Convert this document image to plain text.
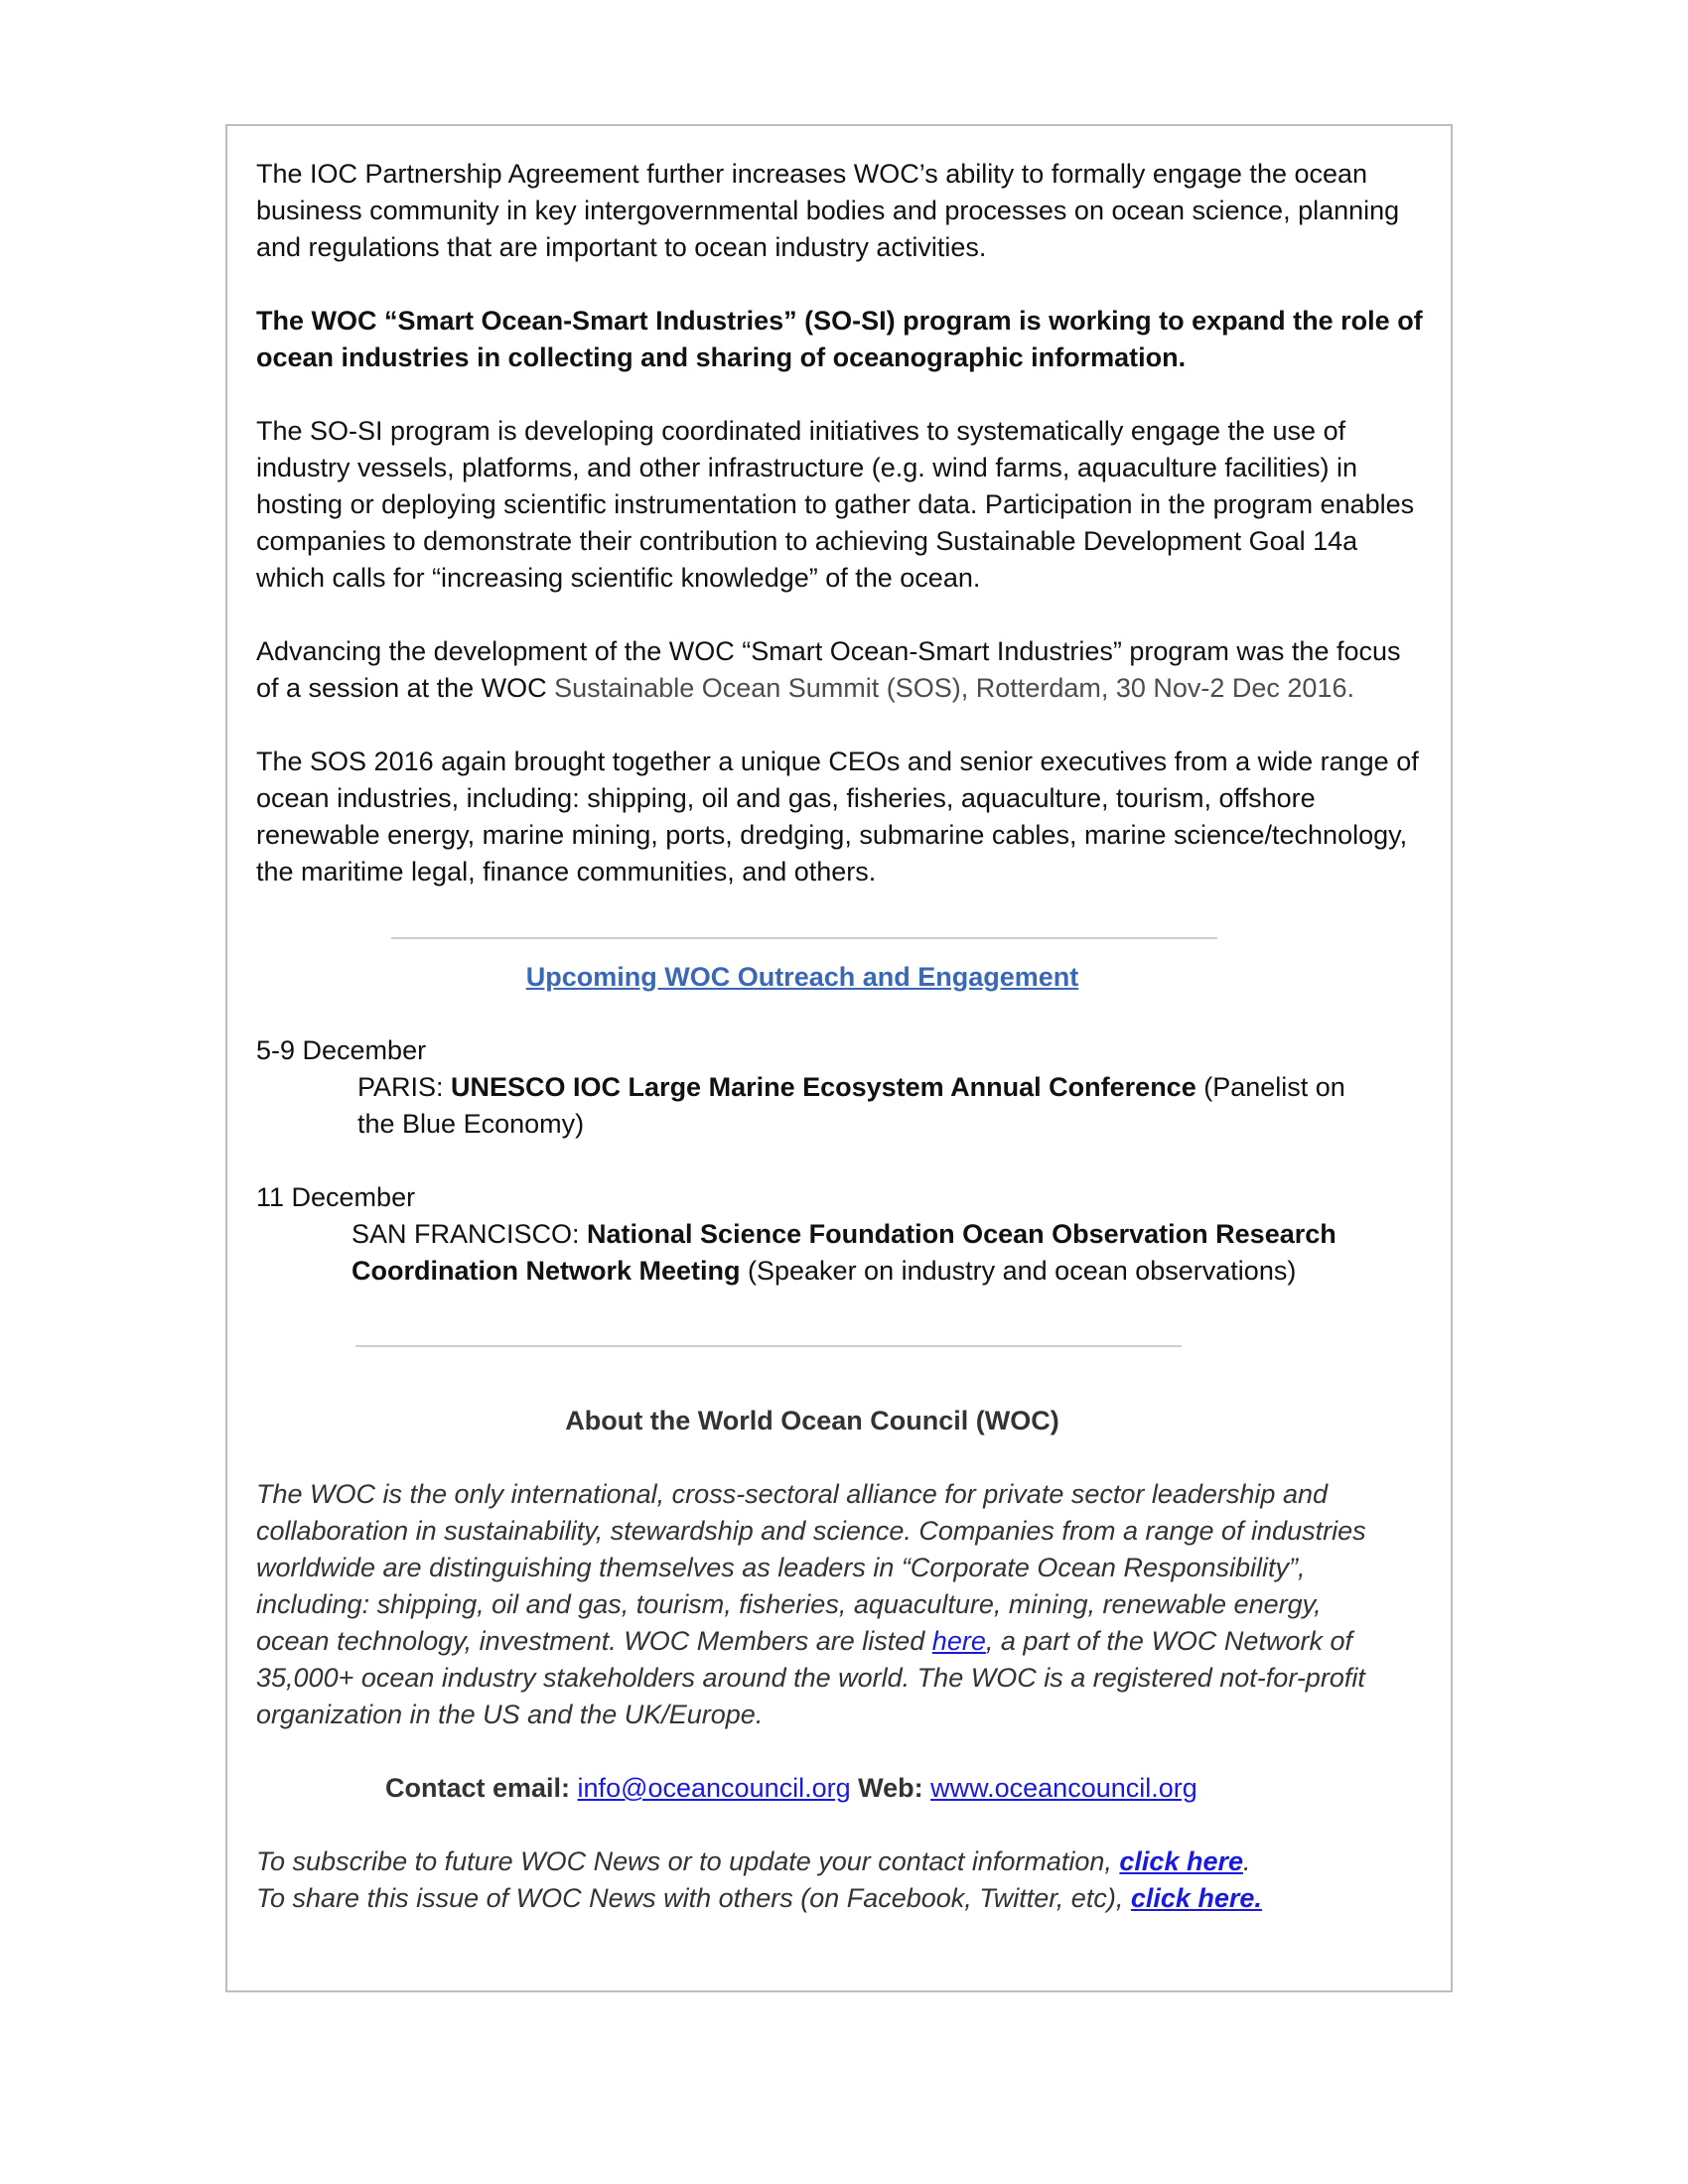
The IOC Partnership Agreement further increases WOC’s ability to formally engage the ocean business community in key intergovernmental bodies and processes on ocean science, planning and regulations that are important to ocean industry activities.

The WOC “Smart Ocean-Smart Industries” (SO-SI) program is working to expand the role of ocean industries in collecting and sharing of oceanographic information.

The SO-SI program is developing coordinated initiatives to systematically engage the use of industry vessels, platforms, and other infrastructure (e.g. wind farms, aquaculture facilities) in hosting or deploying scientific instrumentation to gather data. Participation in the program enables companies to demonstrate their contribution to achieving Sustainable Development Goal 14a which calls for “increasing scientific knowledge” of the ocean.

Advancing the development of the WOC “Smart Ocean-Smart Industries” program was the focus of a session at the WOC Sustainable Ocean Summit (SOS), Rotterdam, 30 Nov-2 Dec 2016.

The SOS 2016 again brought together a unique CEOs and senior executives from a wide range of ocean industries, including: shipping, oil and gas, fisheries, aquaculture, tourism, offshore renewable energy, marine mining, ports, dredging, submarine cables, marine science/technology, the maritime legal, finance communities, and others.

Upcoming WOC Outreach and Engagement

5-9 December

PARIS: UNESCO IOC Large Marine Ecosystem Annual Conference (Panelist on the Blue Economy)

11 December

SAN FRANCISCO: National Science Foundation Ocean Observation Research Coordination Network Meeting (Speaker on industry and ocean observations)

About the World Ocean Council (WOC)

The WOC is the only international, cross-sectoral alliance for private sector leadership and collaboration in sustainability, stewardship and science. Companies from a range of industries worldwide are distinguishing themselves as leaders in “Corporate Ocean Responsibility”, including: shipping, oil and gas, tourism, fisheries, aquaculture, mining, renewable energy, ocean technology, investment. WOC Members are listed here, a part of the WOC Network of 35,000+ ocean industry stakeholders around the world. The WOC is a registered not-for-profit organization in the US and the UK/Europe.

Contact email: info@oceancouncil.org Web: www.oceancouncil.org

To subscribe to future WOC News or to update your contact information, click here.

To share this issue of WOC News with others (on Facebook, Twitter, etc), click here.
